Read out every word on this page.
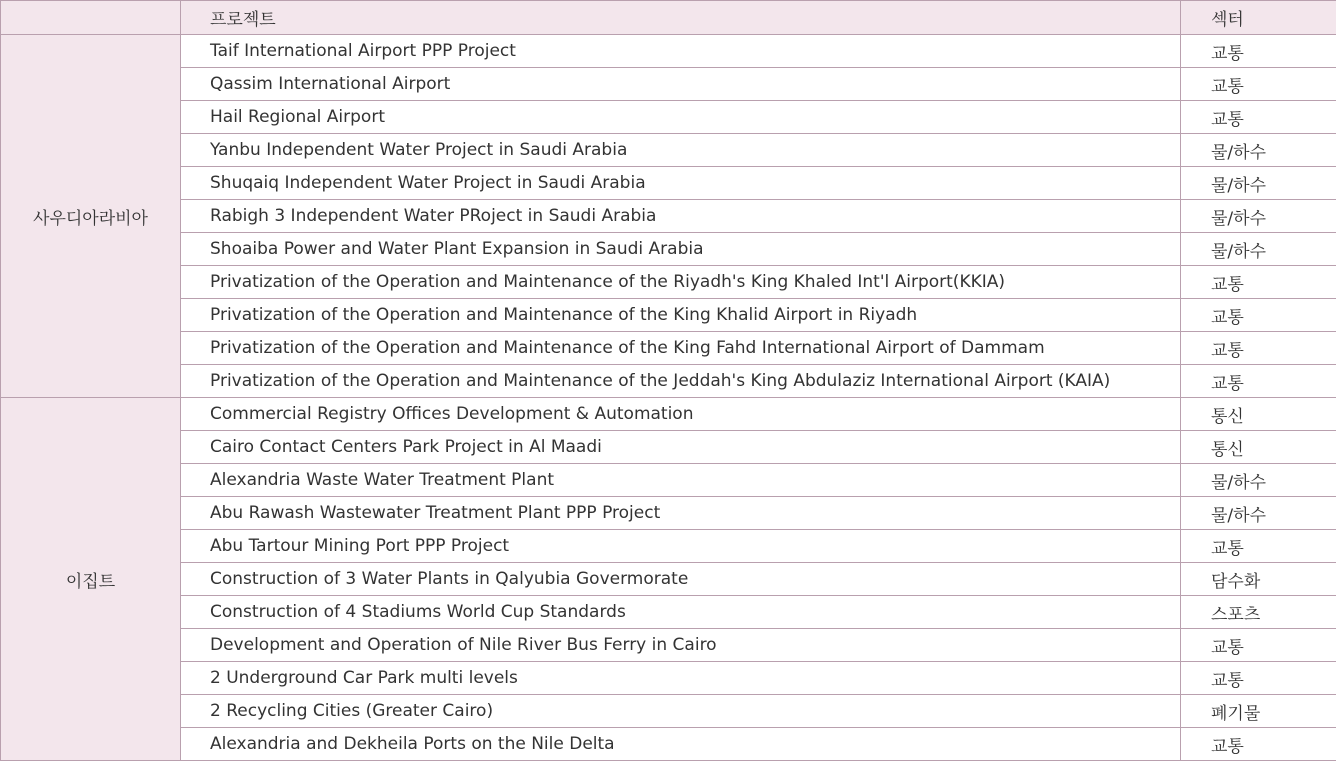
	프로젝트	섹터
사우디아라비아	Taif International Airport PPP Project	교통
	Qassim International Airport	교통
	Hail Regional Airport	교통
	Yanbu Independent Water Project in Saudi Arabia	물/하수
	Shuqaiq Independent Water Project in Saudi Arabia	물/하수
	Rabigh 3 Independent Water PRoject in Saudi Arabia	물/하수
	Shoaiba Power and Water Plant Expansion in Saudi Arabia	물/하수
	Privatization of the Operation and Maintenance of the Riyadh's King Khaled Int'l Airport(KKIA)	교통
	Privatization of the Operation and Maintenance of the King Khalid Airport in Riyadh	교통
	Privatization of the Operation and Maintenance of the King Fahd International Airport of Dammam	교통
	Privatization of the Operation and Maintenance of the Jeddah's King Abdulaziz International Airport (KAIA)	교통
이집트	Commercial Registry Offices Development & Automation	통신
	Cairo Contact Centers Park Project in Al Maadi	통신
	Alexandria Waste Water Treatment Plant	물/하수
	Abu Rawash Wastewater Treatment Plant PPP Project	물/하수
	Abu Tartour Mining Port PPP Project	교통
	Construction of 3 Water Plants in Qalyubia Govermorate	담수화
	Construction of 4 Stadiums World Cup Standards	스포츠
	Development and Operation of Nile River Bus Ferry in Cairo	교통
	2 Underground Car Park multi levels	교통
	2 Recycling Cities (Greater Cairo)	폐기물
	Alexandria and Dekheila Ports on the Nile Delta	교통
